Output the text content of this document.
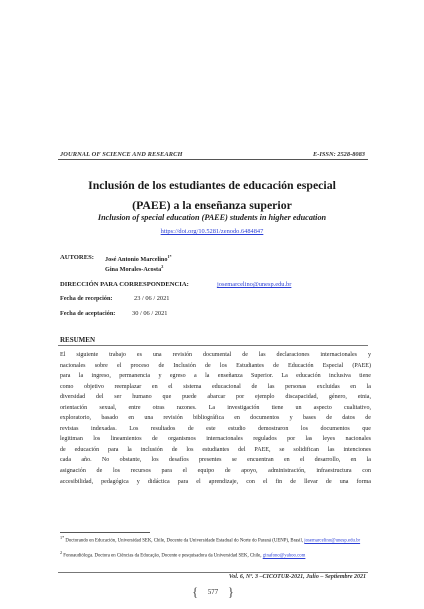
JOURNAL OF SCIENCE AND RESEARCH	E-ISSN: 2528-8083
Inclusión de los estudiantes de educación especial
(PAEE) a la enseñanza superior
Inclusion of special education (PAEE) students in higher education
https://doi.org/10.5281/zenodo.6484847
AUTORES: José Antonio Marcelino$^{1*}$
Gina Morales-Acosta$^2$
DIRECCIÓN PARA CORRESPONDENCIA:	josemarcelino@unesp.edu.br
Fecha de recepción:	23 / 06 / 2021
Fecha de aceptación:	30 / 06 / 2021
RESUMEN
El siguiente trabajo es una revisión documental de las declaraciones internacionales y
nacionales sobre el proceso de Inclusión de los Estudiantes de Educación Especial (PAEE)
para la ingreso, permanencia y egreso a la enseñanza Superior. La educación inclusiva tiene
como objetivo reemplazar en el sistema educacional de las personas excluidas en la
diversidad del ser humano que puede abarcar por ejemplo discapacidad, género, etnia,
orientación sexual, entre otras razones. La investigación tiene un aspecto cualitativo,
exploratorio, basado en una revisión bibliográfica en documentos y bases de datos de
revistas indexadas. Los resultados de este estudio demostraron los documentos que
legitiman los lineamientos de organismos internacionales regulados por las leyes nacionales
de educación para la inclusión de los estudiantes del PAEE, se solidifican las intenciones
cada año. No obstante, los desafíos presentes se encuentran en el desarrollo, en la
asignación de los recursos para el equipo de apoyo, administración, infraestructura con
accesibilidad, pedagógica y didáctica para el aprendizaje, con el fin de llevar de una forma
1* Doctorando en Educación, Universidad SEK, Chile, Docente da Universidade Estadual do Norte do Paraná (UENP), Brasil, josemarcelino@unesp.edu.br
2 Fonoaudióloga. Doctora en Ciências da Educação, Docente e pesquisadora da Universidad SEK, Chile, ginafono@yahoo.com
Vol. 6, Nº. 3 –CICOTUR-2021, Julio – Septiembre 2021
{ 577 }
